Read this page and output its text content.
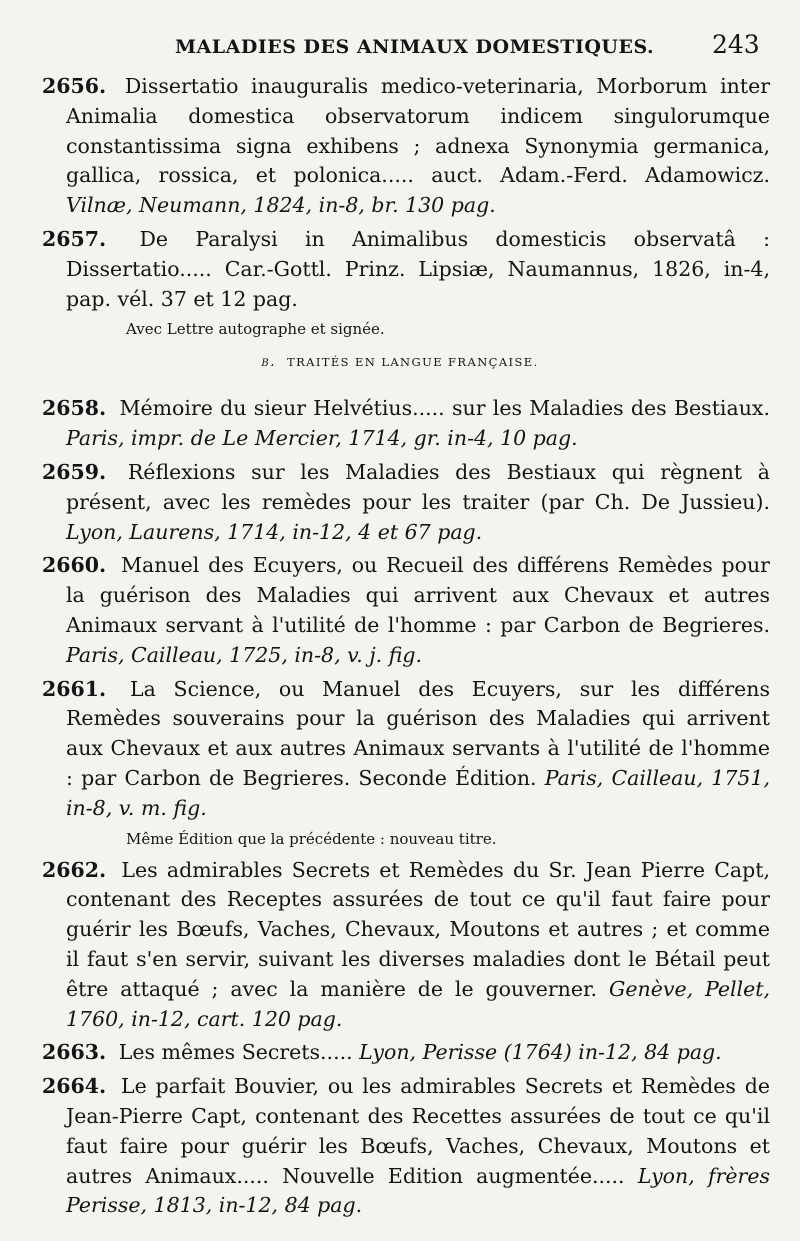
MALADIES DES ANIMAUX DOMESTIQUES. 243

2656. Dissertatio inauguralis medico-veterinaria, Morborum inter Animalia domestica observatorum indicem singulorumque constantissima signa exhibens ; adnexa Synonymia germanica, gallica, rossica, et polonica..... auct. Adam.-Ferd. Adamowicz. Vilnæ, Neumann, 1824, in-8, br. 130 pag.

2657. De Paralysi in Animalibus domesticis observatâ : Dissertatio..... Car.-Gottl. Prinz. Lipsiæ, Naumannus, 1826, in-4, pap. vél. 37 et 12 pag.

Avec Lettre autographe et signée.

b. TRAITÉS EN LANGUE FRANÇAISE.

2658. Mémoire du sieur Helvétius..... sur les Maladies des Bestiaux. Paris, impr. de Le Mercier, 1714, gr. in-4, 10 pag.

2659. Réflexions sur les Maladies des Bestiaux qui règnent à présent, avec les remèdes pour les traiter (par Ch. De Jussieu). Lyon, Laurens, 1714, in-12, 4 et 67 pag.

2660. Manuel des Ecuyers, ou Recueil des différens Remèdes pour la guérison des Maladies qui arrivent aux Chevaux et autres Animaux servant à l'utilité de l'homme : par Carbon de Begrieres. Paris, Cailleau, 1725, in-8, v. j. fig.

2661. La Science, ou Manuel des Ecuyers, sur les différens Remèdes souverains pour la guérison des Maladies qui arrivent aux Chevaux et aux autres Animaux servants à l'utilité de l'homme : par Carbon de Begrieres. Seconde Édition. Paris, Cailleau, 1751, in-8, v. m. fig.

Même Édition que la précédente : nouveau titre.

2662. Les admirables Secrets et Remèdes du Sr. Jean Pierre Capt, contenant des Receptes assurées de tout ce qu'il faut faire pour guérir les Bœufs, Vaches, Chevaux, Moutons et autres ; et comme il faut s'en servir, suivant les diverses maladies dont le Bétail peut être attaqué ; avec la manière de le gouverner. Genève, Pellet, 1760, in-12, cart. 120 pag.

2663. Les mêmes Secrets..... Lyon, Perisse (1764) in-12, 84 pag.

2664. Le parfait Bouvier, ou les admirables Secrets et Remèdes de Jean-Pierre Capt, contenant des Recettes assurées de tout ce qu'il faut faire pour guérir les Bœufs, Vaches, Chevaux, Moutons et autres Animaux..... Nouvelle Edition augmentée..... Lyon, frères Perisse, 1813, in-12, 84 pag.
